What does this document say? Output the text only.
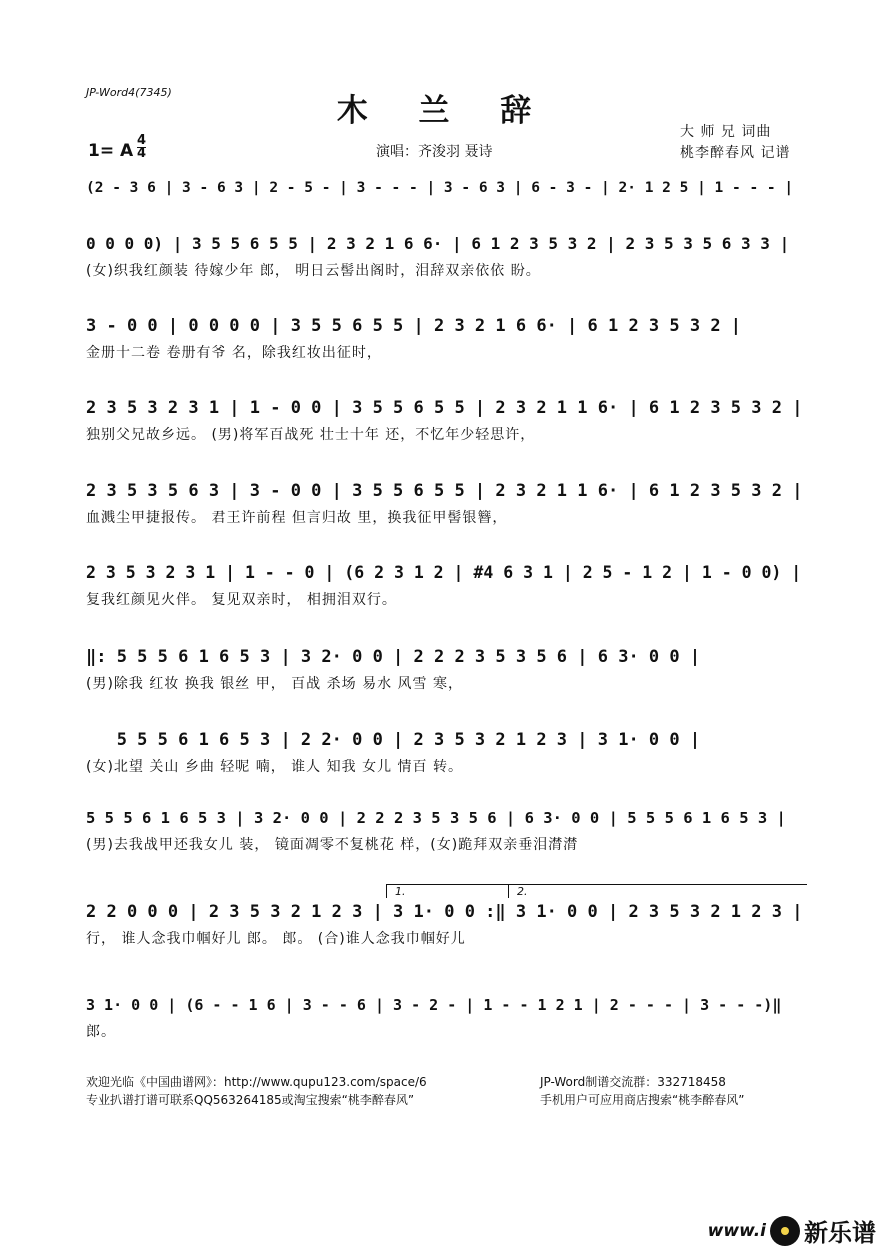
JP-Word4(7345)
木 兰 辞
大 师 兄 词曲
桃李醉春风 记谱
1= A
4
4	演唱：齐浚羽 聂诗
(2 - 3 6 | 3 - 6 3 | 2 - 5 - | 3 - - - | 3 - 6 3 | 6 - 3 - | 2· 1 2 5 | 1 - - - |
0 0 0 0) | 3 5 5 6 5 5 | 2 3 2 1 6 6· | 6 1 2 3 5 3 2 | 2 3 5 3 5 6 3 3 |
(女)织我红颜装 待嫁少年 郎， 明日云髻出阁时，泪辞双亲依依 盼。
3 - 0 0 | 0 0 0 0 | 3 5 5 6 5 5 | 2 3 2 1 6 6· | 6 1 2 3 5 3 2 |
金册十二卷 卷册有爷 名，除我红妆出征时，
2 3 5 3 2 3 1 | 1 - 0 0 | 3 5 5 6 5 5 | 2 3 2 1 1 6· | 6 1 2 3 5 3 2 |
独别父兄故乡远。 (男)将军百战死 壮士十年 还，不忆年少轻思许，
2 3 5 3 5 6 3 | 3 - 0 0 | 3 5 5 6 5 5 | 2 3 2 1 1 6· | 6 1 2 3 5 3 2 |
血溅尘甲捷报传。 君王许前程 但言归故 里，换我征甲髻银簪，
2 3 5 3 2 3 1 | 1 - - 0 | (6 2 3 1 2 | #4 6 3 1 | 2 5 - 1 2 | 1 - 0 0) |
复我红颜见火伴。 复见双亲时， 相拥泪双行。
‖: 5 5 5 6 1 6 5 3 | 3 2· 0 0 | 2 2 2 3 5 3 5 6 | 6 3· 0 0 |
(男)除我 红妆 换我 银丝 甲， 百战 杀场 易水 风雪 寒，
5 5 5 6 1 6 5 3 | 2 2· 0 0 | 2 3 5 3 2 1 2 3 | 3 1· 0 0 |
(女)北望 关山 乡曲 轻呢 喃， 谁人 知我 女儿 情百 转。
5 5 5 6 1 6 5 3 | 3 2· 0 0 | 2 2 2 3 5 3 5 6 | 6 3· 0 0 | 5 5 5 6 1 6 5 3 |
(男)去我战甲还我女儿 装， 镜面凋零不复桃花 样，(女)跪拜双亲垂泪潸潸
2 2 0 0 0 | 2 3 5 3 2 1 2 3 | 3 1· 0 0 :‖ 3 1· 0 0 | 2 3 5 3 2 1 2 3 |
行， 谁人念我巾帼好儿 郎。 郎。 (合)谁人念我巾帼好儿
1.	2.
3 1· 0 0 | (6 - - 1 6 | 3 - - 6 | 3 - 2 - | 1 - - 1 2 1 | 2 - - - | 3 - - -)‖
郎。
欢迎光临《中国曲谱网》：http://www.qupu123.com/space/6
专业扒谱打谱可联系QQ563264185或淘宝搜索“桃李醉春风”
JP-Word制谱交流群：332718458
手机用户可应用商店搜索“桃李醉春风”
www.i 新乐谱
